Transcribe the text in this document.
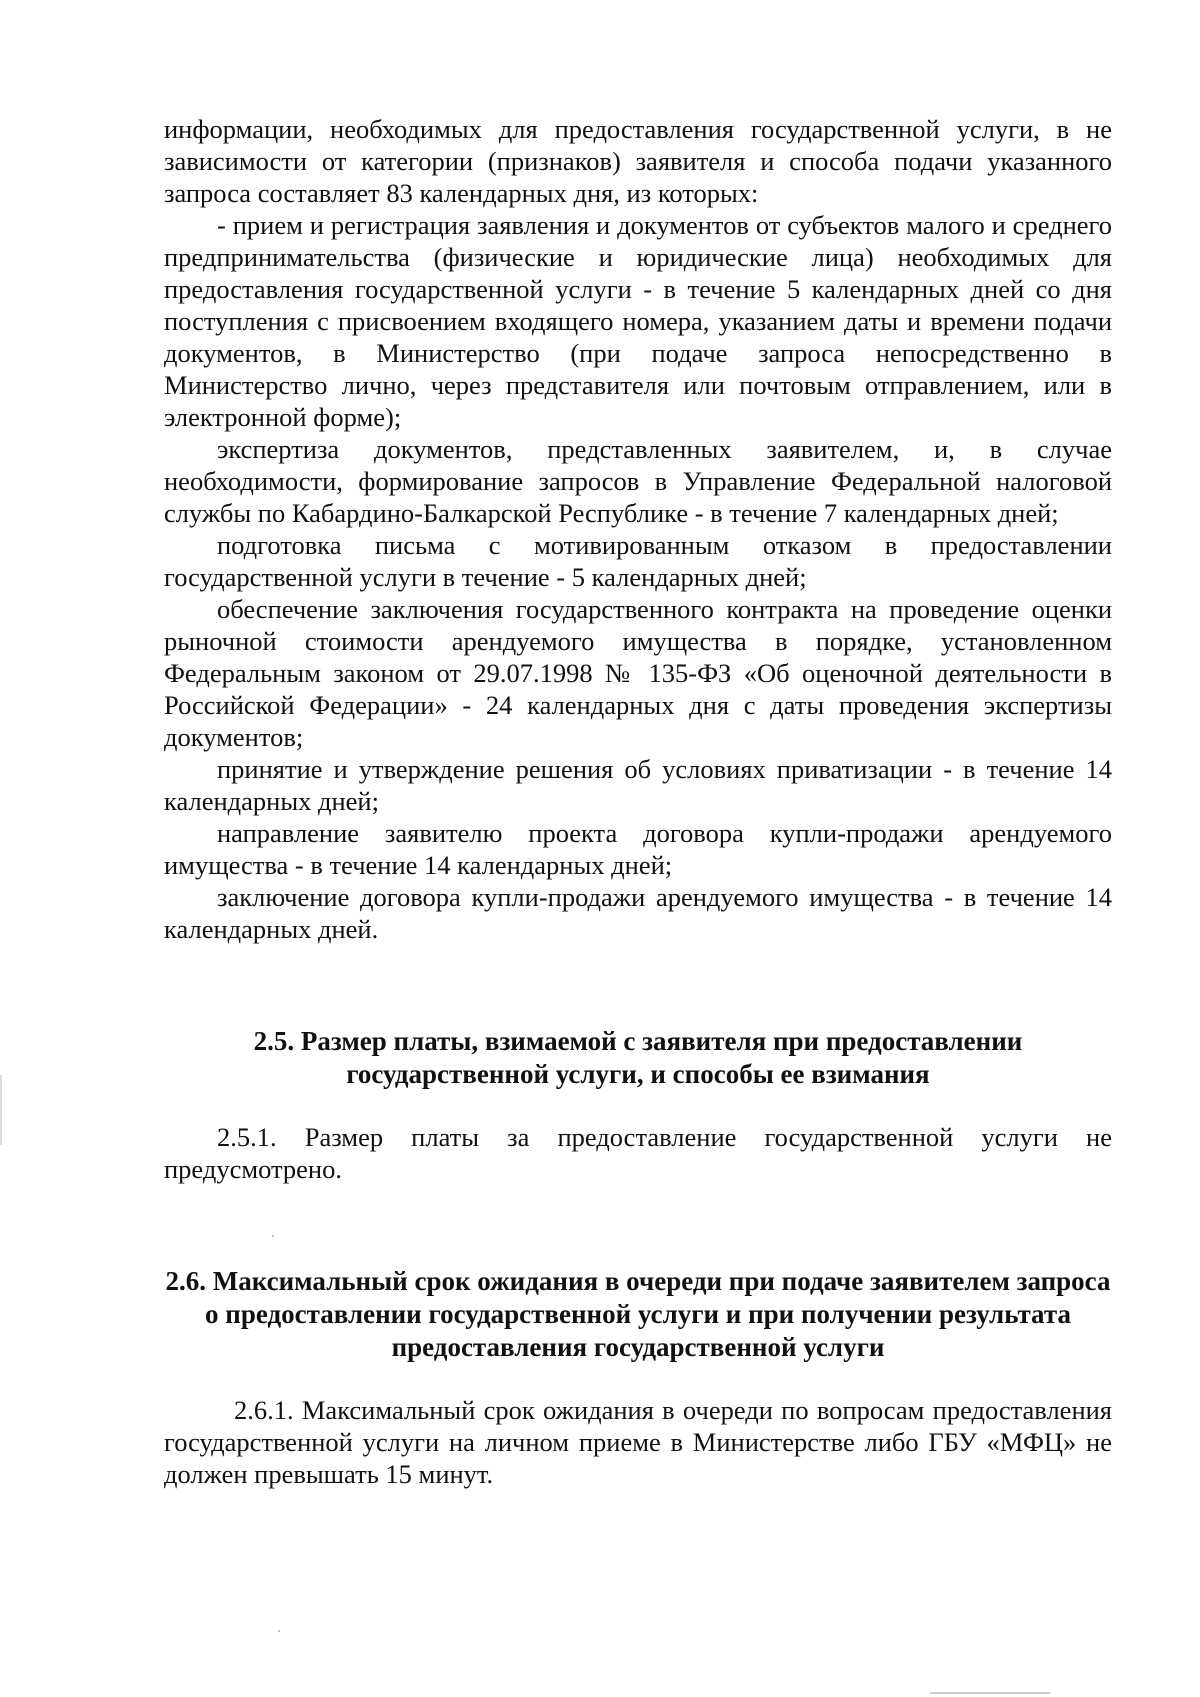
информации, необходимых для предоставления государственной услуги, в не зависимости от категории (признаков) заявителя и способа подачи указанного запроса составляет 83 календарных дня, из которых:

- прием и регистрация заявления и документов от субъектов малого и среднего предпринимательства (физические и юридические лица) необходимых для предоставления государственной услуги - в течение 5 календарных дней со дня поступления с присвоением входящего номера, указанием даты и времени подачи документов, в Министерство (при подаче запроса непосредственно в Министерство лично, через представителя или почтовым отправлением, или в электронной форме);

экспертиза документов, представленных заявителем, и, в случае необходимости, формирование запросов в Управление Федеральной налоговой службы по Кабардино-Балкарской Республике - в течение 7 календарных дней;

подготовка письма с мотивированным отказом в предоставлении государственной услуги в течение - 5 календарных дней;

обеспечение заключения государственного контракта на проведение оценки рыночной стоимости арендуемого имущества в порядке, установленном Федеральным законом от 29.07.1998 № 135-ФЗ «Об оценочной деятельности в Российской Федерации» - 24 календарных дня с даты проведения экспертизы документов;

принятие и утверждение решения об условиях приватизации - в течение 14 календарных дней;

направление заявителю проекта договора купли-продажи арендуемого имущества - в течение 14 календарных дней;

заключение договора купли-продажи арендуемого имущества - в течение 14 календарных дней.

2.5. Размер платы, взимаемой с заявителя при предоставлении государственной услуги, и способы ее взимания

2.5.1. Размер платы за предоставление государственной услуги не предусмотрено.

2.6. Максимальный срок ожидания в очереди при подаче заявителем запроса о предоставлении государственной услуги и при получении результата предоставления государственной услуги

2.6.1. Максимальный срок ожидания в очереди по вопросам предоставления государственной услуги на личном приеме в Министерстве либо ГБУ «МФЦ» не должен превышать 15 минут.
